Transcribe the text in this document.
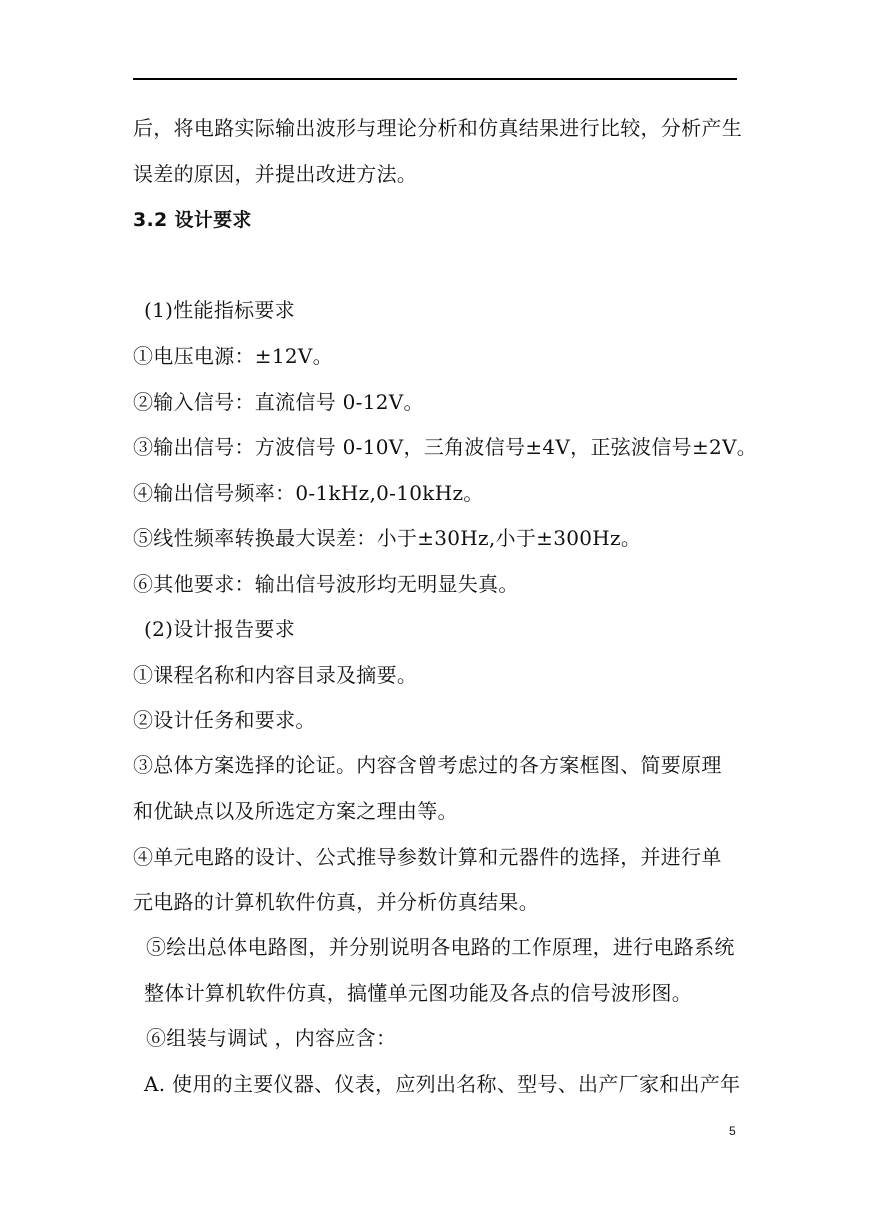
后，将电路实际输出波形与理论分析和仿真结果进行比较，分析产生
误差的原因，并提出改进方法。
3.2 设计要求
(1)性能指标要求
①电压电源：±12V。
②输入信号：直流信号 0-12V。
③输出信号：方波信号 0-10V，三角波信号±4V，正弦波信号±2V。
④输出信号频率：0-1kHz,0-10kHz。
⑤线性频率转换最大误差：小于±30Hz,小于±300Hz。
⑥其他要求：输出信号波形均无明显失真。
(2)设计报告要求
①课程名称和内容目录及摘要。
②设计任务和要求。
③总体方案选择的论证。内容含曾考虑过的各方案框图、简要原理
和优缺点以及所选定方案之理由等。
④单元电路的设计、公式推导参数计算和元器件的选择，并进行单
元电路的计算机软件仿真，并分析仿真结果。
⑤绘出总体电路图，并分别说明各电路的工作原理，进行电路系统
整体计算机软件仿真，搞懂单元图功能及各点的信号波形图。
⑥组装与调试 ，内容应含：
A. 使用的主要仪器、仪表，应列出名称、型号、出产厂家和出产年
5
